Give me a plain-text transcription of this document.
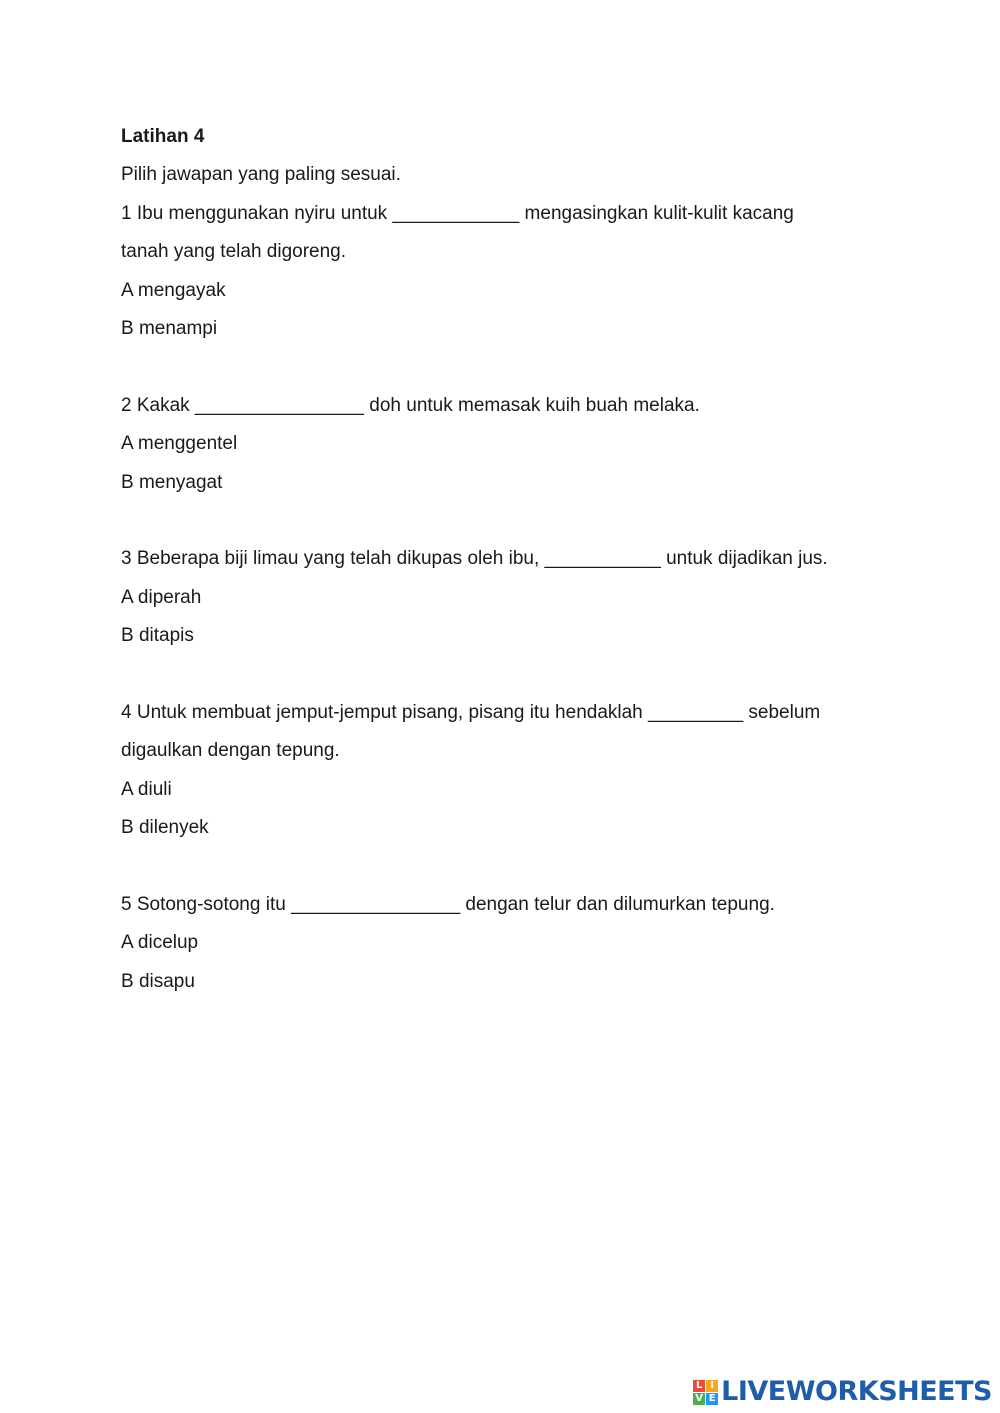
Latihan 4
Pilih jawapan yang paling sesuai.
1 Ibu menggunakan nyiru untuk ____________ mengasingkan kulit-kulit kacang
tanah yang telah digoreng.
A mengayak
B menampi
2 Kakak ________________ doh untuk memasak kuih buah melaka.
A menggentel
B menyagat
3 Beberapa biji limau yang telah dikupas oleh ibu, ___________ untuk dijadikan jus.
A diperah
B ditapis
4 Untuk membuat jemput-jemput pisang, pisang itu hendaklah _________ sebelum
digaulkan dengan tepung.
A diuli
B dilenyek
5 Sotong-sotong itu ________________ dengan telur dan dilumurkan tepung.
A dicelup
B disapu
L I
V E LIVEWORKSHEETS
